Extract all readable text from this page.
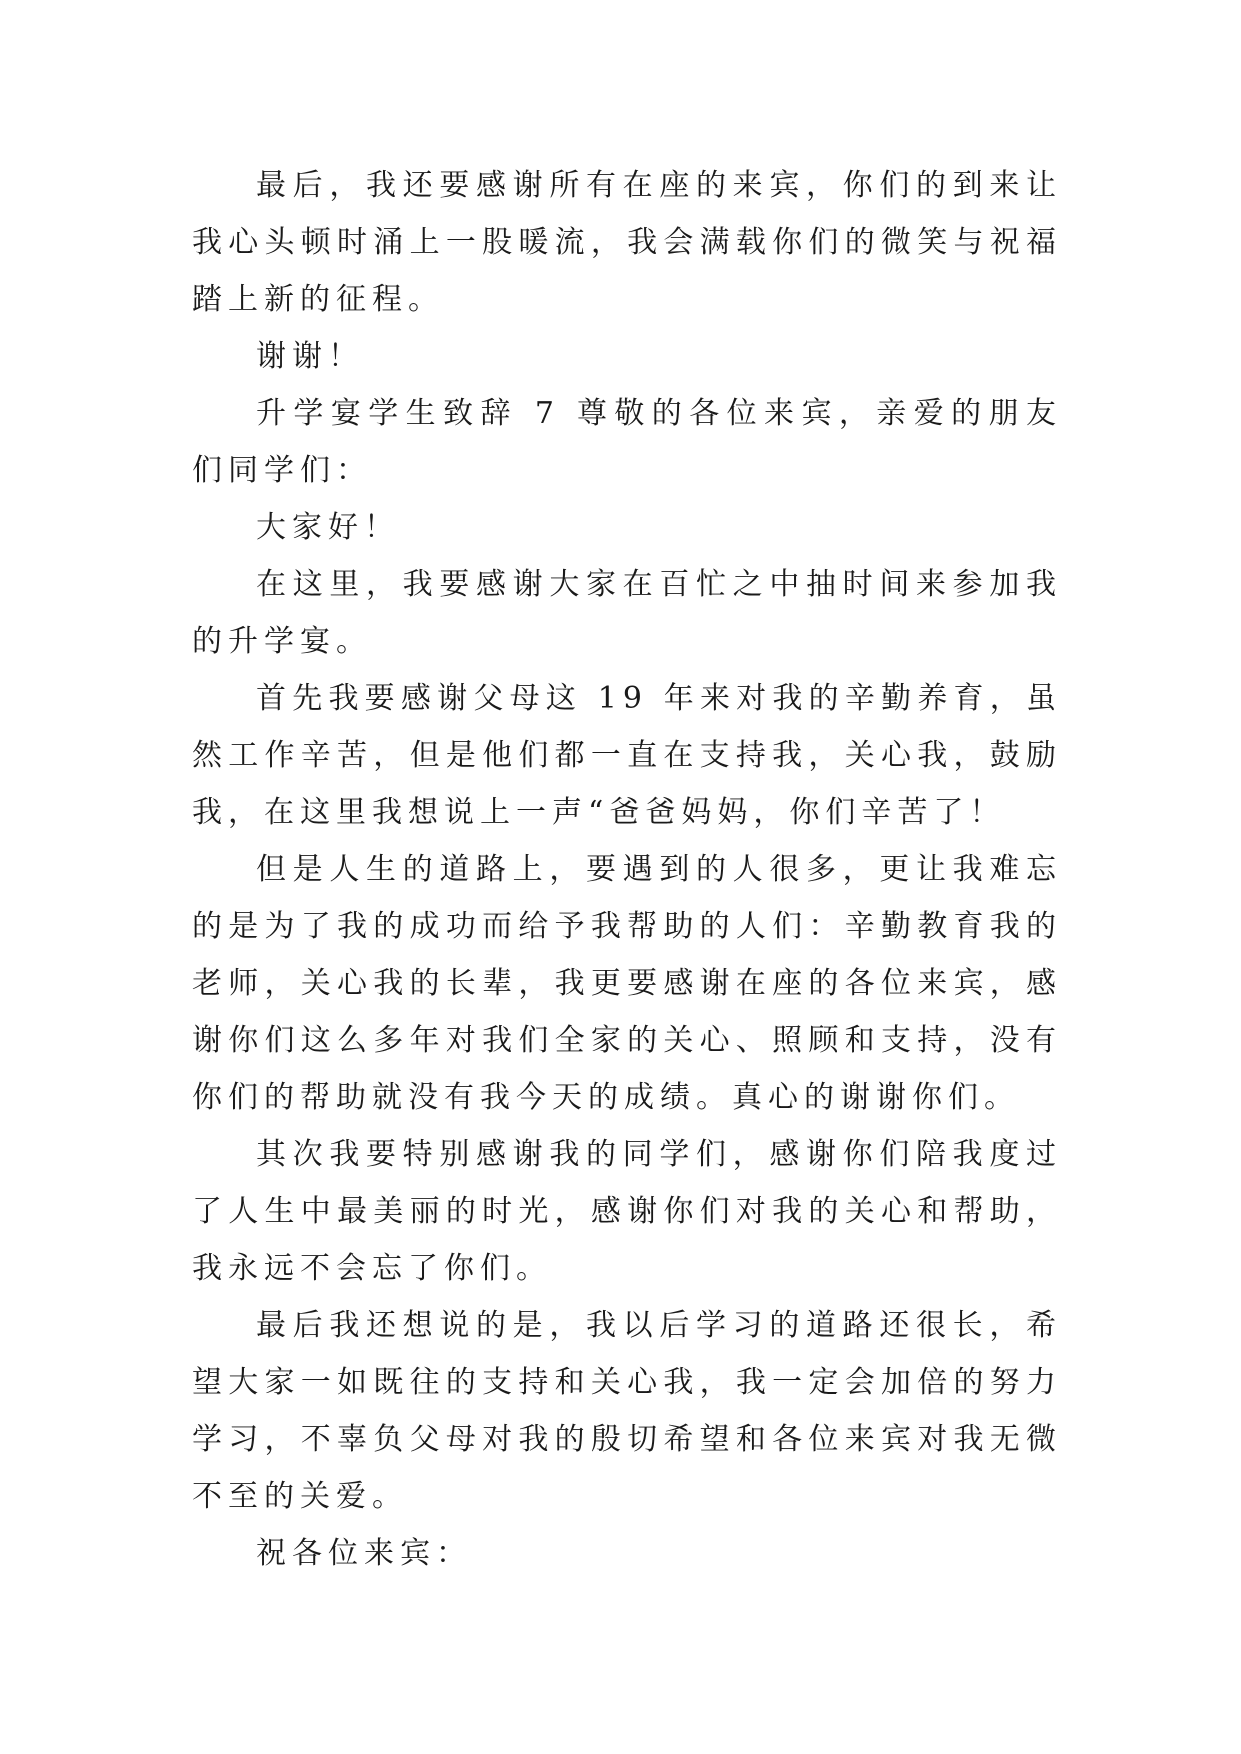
最后，我还要感谢所有在座的来宾，你们的到来让我心头顿时涌上一股暖流，我会满载你们的微笑与祝福踏上新的征程。

谢谢！

升学宴学生致辞 7 尊敬的各位来宾，亲爱的朋友们同学们：

大家好！

在这里，我要感谢大家在百忙之中抽时间来参加我的升学宴。

首先我要感谢父母这 19 年来对我的辛勤养育，虽然工作辛苦，但是他们都一直在支持我，关心我，鼓励我，在这里我想说上一声“爸爸妈妈，你们辛苦了！

但是人生的道路上，要遇到的人很多，更让我难忘的是为了我的成功而给予我帮助的人们：辛勤教育我的老师，关心我的长辈，我更要感谢在座的各位来宾，感谢你们这么多年对我们全家的关心、照顾和支持，没有你们的帮助就没有我今天的成绩。真心的谢谢你们。

其次我要特别感谢我的同学们，感谢你们陪我度过了人生中最美丽的时光，感谢你们对我的关心和帮助，我永远不会忘了你们。

最后我还想说的是，我以后学习的道路还很长，希望大家一如既往的支持和关心我，我一定会加倍的努力学习，不辜负父母对我的殷切希望和各位来宾对我无微不至的关爱。

祝各位来宾：
